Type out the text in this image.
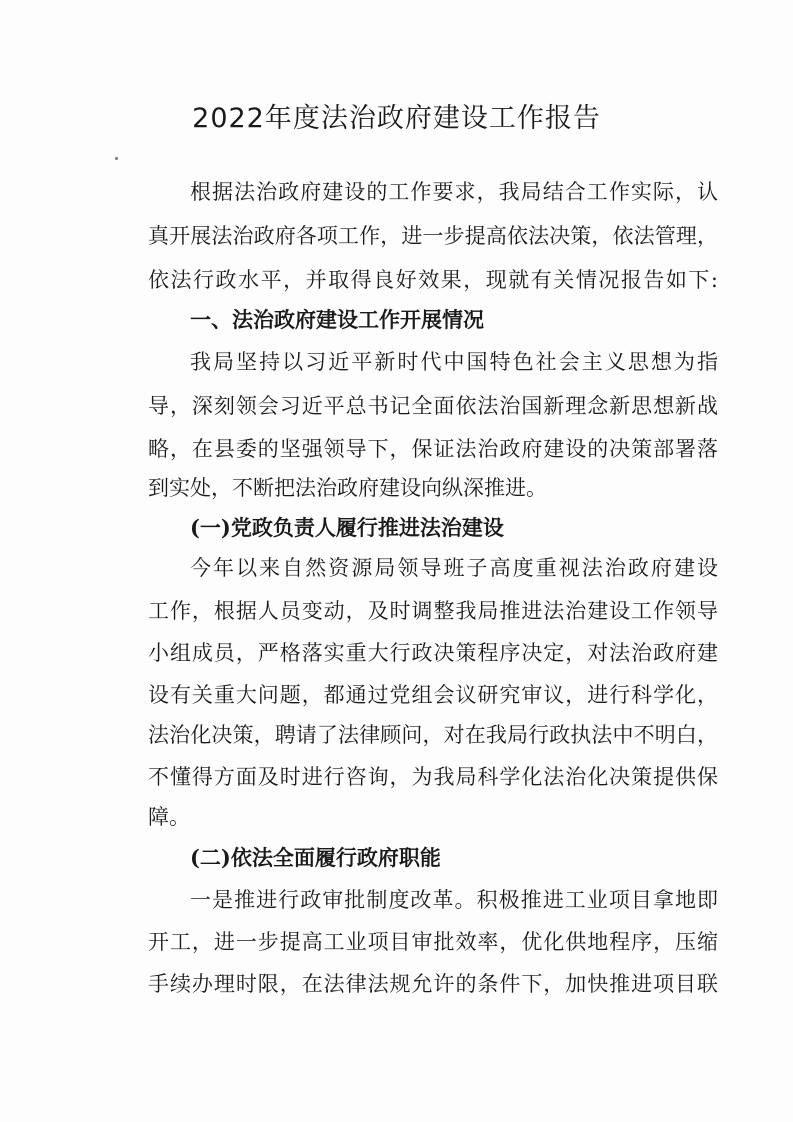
2022年度法治政府建设工作报告
根据法治政府建设的工作要求，我局结合工作实际，认
真开展法治政府各项工作，进一步提高依法决策，依法管理，
依法行政水平，并取得良好效果，现就有关情况报告如下:
一、法治政府建设工作开展情况
我局坚持以习近平新时代中国特色社会主义思想为指
导，深刻领会习近平总书记全面依法治国新理念新思想新战
略，在县委的坚强领导下，保证法治政府建设的决策部署落
到实处，不断把法治政府建设向纵深推进。
(一)党政负责人履行推进法治建设
今年以来自然资源局领导班子高度重视法治政府建设
工作，根据人员变动，及时调整我局推进法治建设工作领导
小组成员，严格落实重大行政决策程序决定，对法治政府建
设有关重大问题，都通过党组会议研究审议，进行科学化，
法治化决策，聘请了法律顾问，对在我局行政执法中不明白，
不懂得方面及时进行咨询，为我局科学化法治化决策提供保
障。
(二)依法全面履行政府职能
一是推进行政审批制度改革。积极推进工业项目拿地即
开工，进一步提高工业项目审批效率，优化供地程序，压缩
手续办理时限，在法律法规允许的条件下，加快推进项目联
